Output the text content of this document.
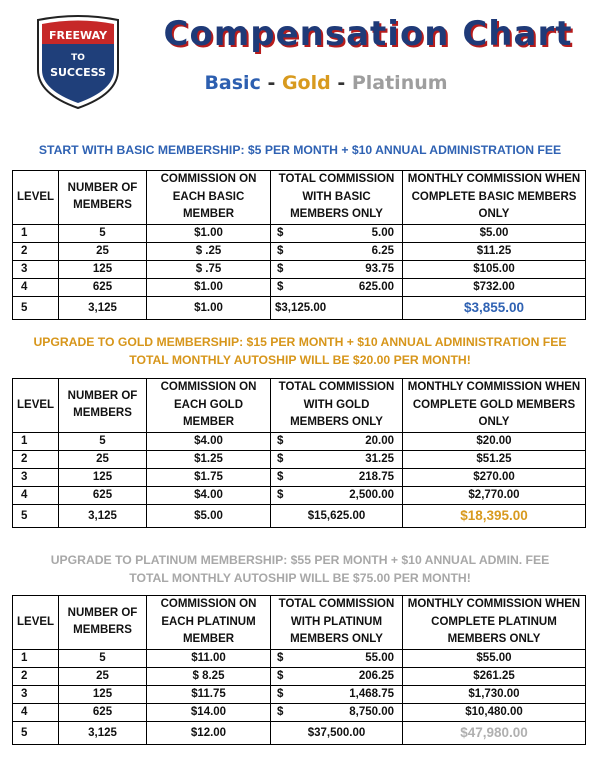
FREEWAY
TO
SUCCESS
Compensation Chart
Basic - Gold - Platinum
START WITH BASIC MEMBERSHIP: $5 PER MONTH + $10 ANNUAL ADMINISTRATION FEE
LEVEL	NUMBER OF MEMBERS	COMMISSION ON EACH BASIC MEMBER	TOTAL COMMISSION WITH BASIC MEMBERS ONLY	MONTHLY COMMISSION WHEN COMPLETE BASIC MEMBERS ONLY
1	5	$1.00	$ 5.00	$5.00
2	25	$ .25	$ 6.25	$11.25
3	125	$ .75	$ 93.75	$105.00
4	625	$1.00	$ 625.00	$732.00
5	3,125	$1.00	$3,125.00	$3,855.00
UPGRADE TO GOLD MEMBERSHIP: $15 PER MONTH + $10 ANNUAL ADMINISTRATION FEE
TOTAL MONTHLY AUTOSHIP WILL BE $20.00 PER MONTH!
LEVEL	NUMBER OF MEMBERS	COMMISSION ON EACH GOLD MEMBER	TOTAL COMMISSION WITH GOLD MEMBERS ONLY	MONTHLY COMMISSION WHEN COMPLETE GOLD MEMBERS ONLY
1	5	$4.00	$ 20.00	$20.00
2	25	$1.25	$ 31.25	$51.25
3	125	$1.75	$ 218.75	$270.00
4	625	$4.00	$ 2,500.00	$2,770.00
5	3,125	$5.00	$15,625.00	$18,395.00
UPGRADE TO PLATINUM MEMBERSHIP: $55 PER MONTH + $10 ANNUAL ADMIN. FEE
TOTAL MONTHLY AUTOSHIP WILL BE $75.00 PER MONTH!
LEVEL	NUMBER OF MEMBERS	COMMISSION ON EACH PLATINUM MEMBER	TOTAL COMMISSION WITH PLATINUM MEMBERS ONLY	MONTHLY COMMISSION WHEN COMPLETE PLATINUM MEMBERS ONLY
1	5	$11.00	$ 55.00	$55.00
2	25	$ 8.25	$ 206.25	$261.25
3	125	$11.75	$ 1,468.75	$1,730.00
4	625	$14.00	$ 8,750.00	$10,480.00
5	3,125	$12.00	$37,500.00	$47,980.00
